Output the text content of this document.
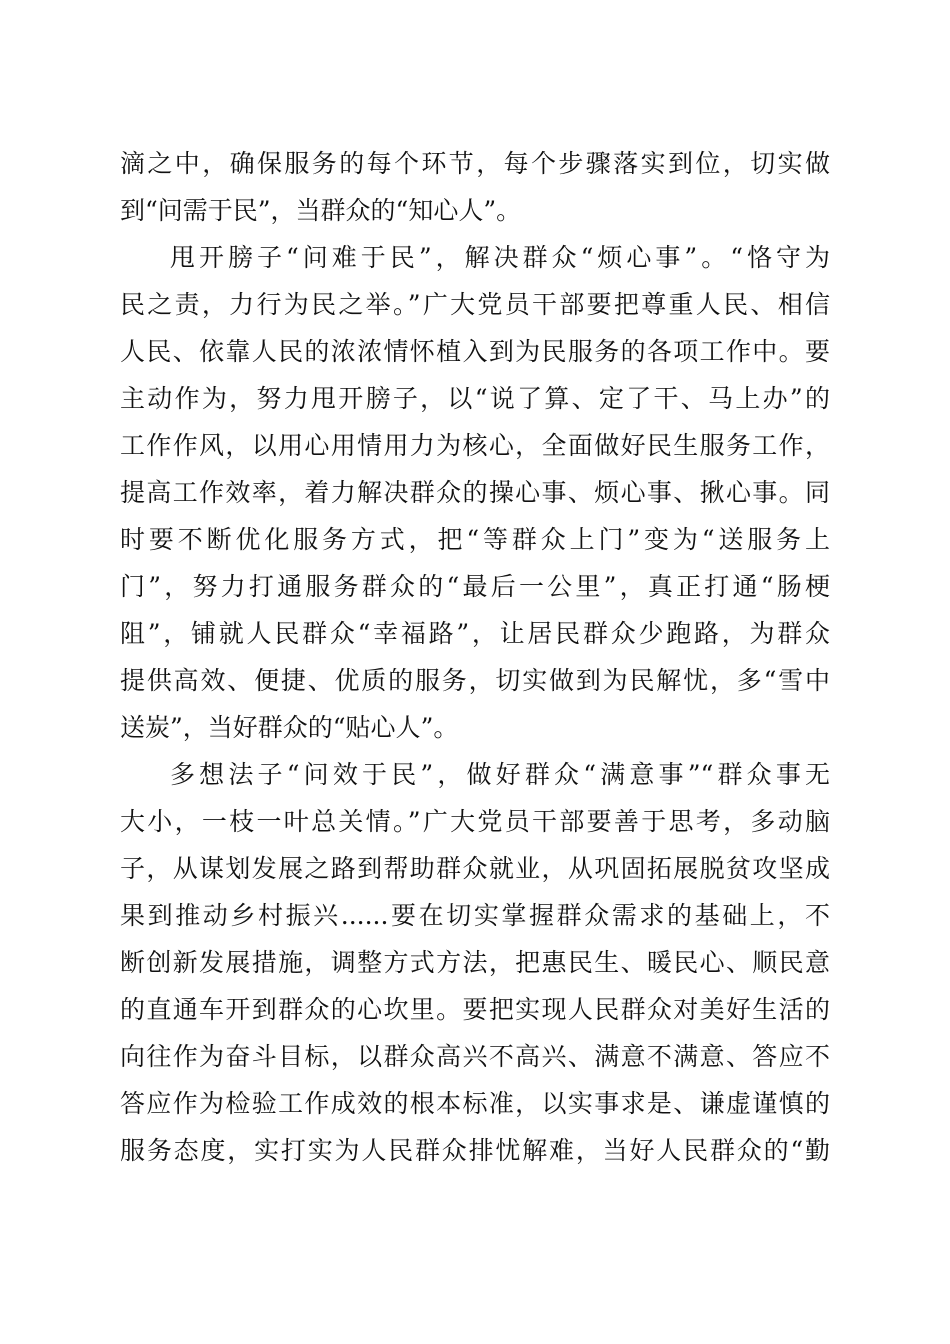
滴之中，确保服务的每个环节，每个步骤落实到位，切实做
到“问需于民”，当群众的“知心人”。
甩开膀子“问难于民”，解决群众“烦心事”。“恪守为
民之责，力行为民之举。”广大党员干部要把尊重人民、相信
人民、依靠人民的浓浓情怀植入到为民服务的各项工作中。要
主动作为，努力甩开膀子，以“说了算、定了干、马上办”的
工作作风，以用心用情用力为核心，全面做好民生服务工作，
提高工作效率，着力解决群众的操心事、烦心事、揪心事。同
时要不断优化服务方式，把“等群众上门”变为“送服务上
门”，努力打通服务群众的“最后一公里”，真正打通“肠梗
阻”，铺就人民群众“幸福路”，让居民群众少跑路，为群众
提供高效、便捷、优质的服务，切实做到为民解忧，多“雪中
送炭”，当好群众的“贴心人”。
多想法子“问效于民”，做好群众“满意事”“群众事无
大小，一枝一叶总关情。”广大党员干部要善于思考，多动脑
子，从谋划发展之路到帮助群众就业，从巩固拓展脱贫攻坚成
果到推动乡村振兴......要在切实掌握群众需求的基础上，不
断创新发展措施，调整方式方法，把惠民生、暖民心、顺民意
的直通车开到群众的心坎里。要把实现人民群众对美好生活的
向往作为奋斗目标，以群众高兴不高兴、满意不满意、答应不
答应作为检验工作成效的根本标准，以实事求是、谦虚谨慎的
服务态度，实打实为人民群众排忧解难，当好人民群众的“勤
